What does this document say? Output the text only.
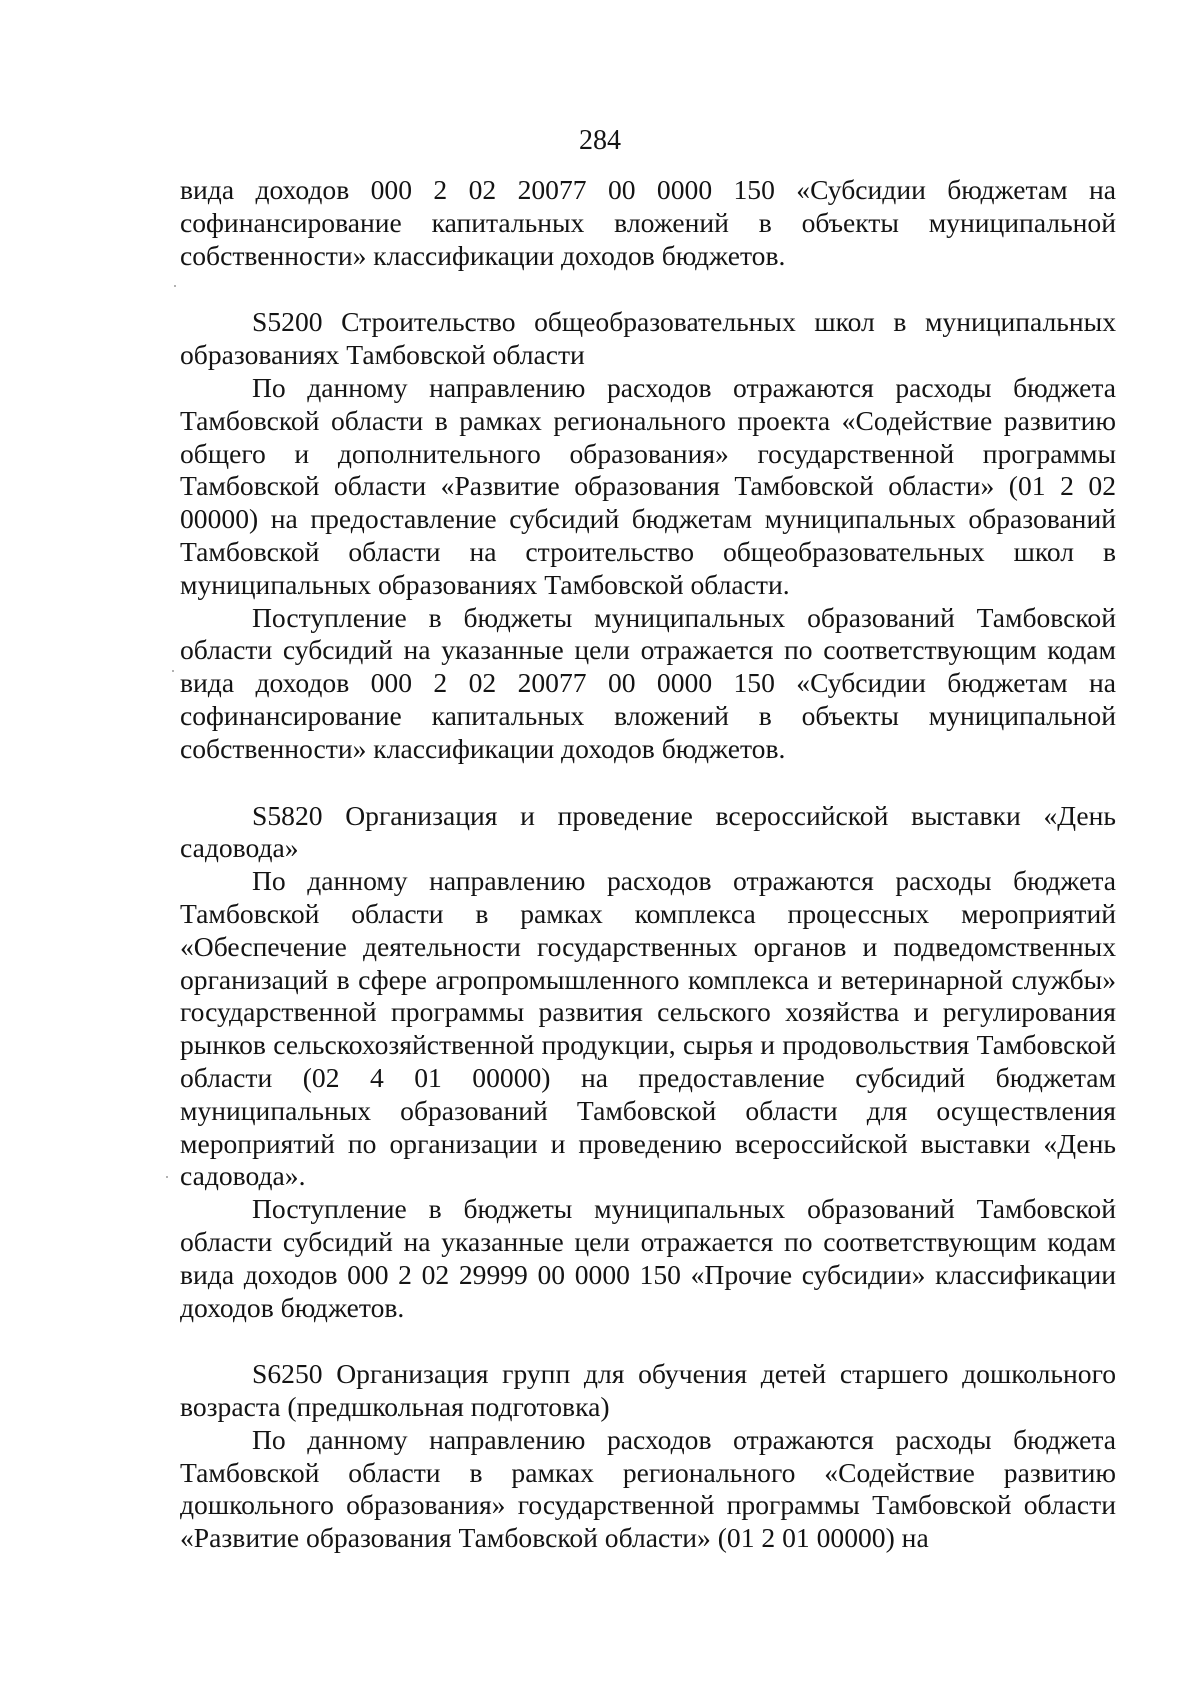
284

вида доходов 000 2 02 20077 00 0000 150 «Субсидии бюджетам на софинансирование капитальных вложений в объекты муниципальной собственности» классификации доходов бюджетов.

S5200 Строительство общеобразовательных школ в муниципальных образованиях Тамбовской области

По данному направлению расходов отражаются расходы бюджета Тамбовской области в рамках регионального проекта «Содействие развитию общего и дополнительного образования» государственной программы Тамбовской области «Развитие образования Тамбовской области» (01 2 02 00000) на предоставление субсидий бюджетам муниципальных образований Тамбовской области на строительство общеобразовательных школ в муниципальных образованиях Тамбовской области.

Поступление в бюджеты муниципальных образований Тамбовской области субсидий на указанные цели отражается по соответствующим кодам вида доходов 000 2 02 20077 00 0000 150 «Субсидии бюджетам на софинансирование капитальных вложений в объекты муниципальной собственности» классификации доходов бюджетов.

S5820 Организация и проведение всероссийской выставки «День садовода»

По данному направлению расходов отражаются расходы бюджета Тамбовской области в рамках комплекса процессных мероприятий «Обеспечение деятельности государственных органов и подведомственных организаций в сфере агропромышленного комплекса и ветеринарной службы» государственной программы развития сельского хозяйства и регулирования рынков сельскохозяйственной продукции, сырья и продовольствия Тамбовской области (02 4 01 00000) на предоставление субсидий бюджетам муниципальных образований Тамбовской области для осуществления мероприятий по организации и проведению всероссийской выставки «День садовода».

Поступление в бюджеты муниципальных образований Тамбовской области субсидий на указанные цели отражается по соответствующим кодам вида доходов 000 2 02 29999 00 0000 150 «Прочие субсидии» классификации доходов бюджетов.

S6250 Организация групп для обучения детей старшего дошкольного возраста (предшкольная подготовка)

По данному направлению расходов отражаются расходы бюджета Тамбовской области в рамках регионального «Содействие развитию дошкольного образования» государственной программы Тамбовской области «Развитие образования Тамбовской области» (01 2 01 00000) на
